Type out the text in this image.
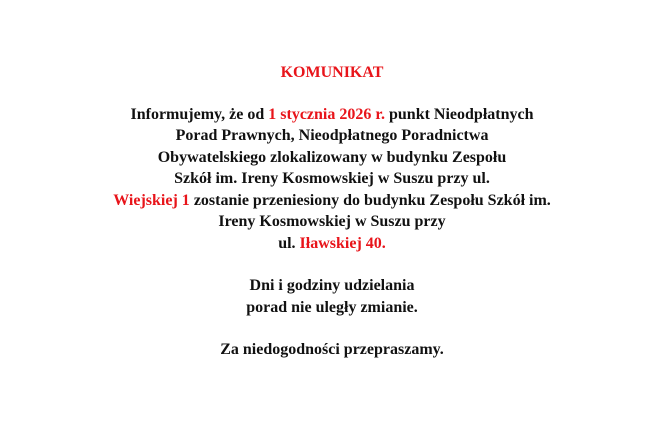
KOMUNIKAT

Informujemy, że od 1 stycznia 2026 r. punkt Nieodpłatnych
Porad Prawnych, Nieodpłatnego Poradnictwa
Obywatelskiego zlokalizowany w budynku Zespołu
Szkół im. Ireny Kosmowskiej w Suszu przy ul.
Wiejskiej 1 zostanie przeniesiony do budynku Zespołu Szkół im.
Ireny Kosmowskiej w Suszu przy
ul. Iławskiej 40.

Dni i godziny udzielania
porad nie uległy zmianie.

Za niedogodności przepraszamy.
